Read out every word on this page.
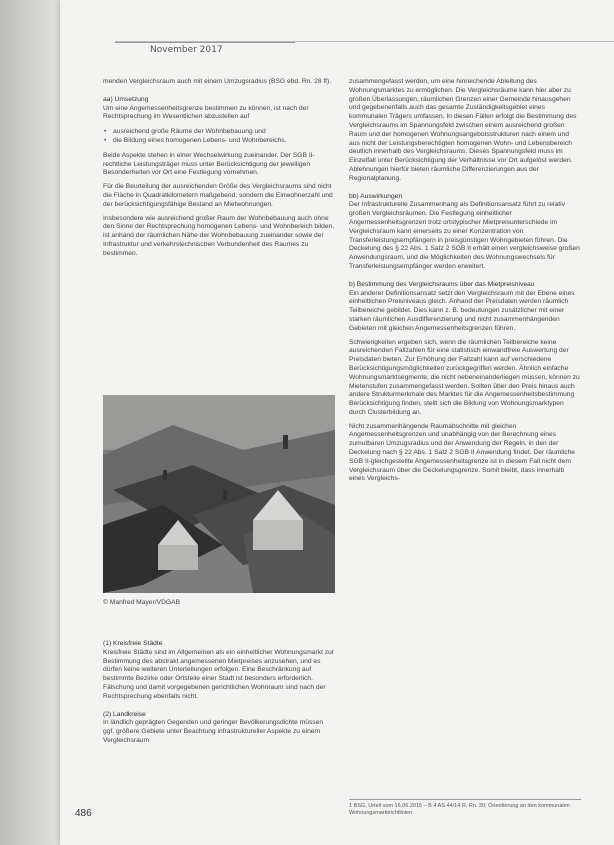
November 2017

menden Vergleichsraum auch mit einem Umzugsradius (BSG ebd. Rn. 28 ff).

aa) Umsetzung

Um eine Angemessenheitsgrenze bestimmen zu können, ist nach der Rechtsprechung im Wesentlichen abzustellen auf

• ausreichend große Räume der Wohnbebauung und
• die Bildung eines homogenen Lebens- und Wohnbereichs.

Beide Aspekte stehen in einer Wechselwirkung zueinander. Der SGB II-rechtliche Leistungsträger muss unter Berücksichtigung der jeweiligen Besonderheiten vor Ort eine Festlegung vornehmen.

Für die Beurteilung der ausreichenden Größe des Vergleichsraums sind nicht die Fläche in Quadratkilometern maßgebend, sondern die Einwohnerzahl und der berücksichtigungsfähige Bestand an Mietwohnungen.

Insbesondere wie ausreichend großer Raum der Wohnbebauung auch ohne den Sinne der Rechtsprechung homogenen Lebens- und Wohnbereich bilden, ist anhand der räumlichen Nähe der Wohnbebauung zueinander sowie der Infrastruktur und verkehrstechnischen Verbundenheit des Raumes zu bestimmen.

© Manfred Mayer/VDGAB

(1) Kreisfreie Städte

Kreisfreie Städte sind im Allgemeinen als ein einheitlicher Wohnungsmarkt zur Bestimmung des abstrakt angemessenen Mietpreises anzusehen, und es dürfen keine weiteren Unterteilungen erfolgen. Eine Beschränkung auf bestimmte Bezirke oder Ortsteile einer Stadt ist besonders erforderlich. Fälschung und damit vorgegebenen gerichtlichen Wohnraum sind nach der Rechtsprechung ebenfalls nicht.

(2) Landkreise

In ländlich geprägten Gegenden und geringer Bevölkerungsdichte müssen ggf. größere Gebiete unter Beachtung infrastruktureller Aspekte zu einem Vergleichsraum

zusammengefasst werden, um eine hinreichende Ableitung des Wohnungsmarktes zu ermöglichen. Die Vergleichsräume kann hier aber zu großen Überlassungen, räumlichen Grenzen einer Gemeinde hinausgehen und gegebenenfalls auch das gesamte Zuständigkeitsgebiet eines kommunalen Trägers umfassen. In diesen Fällen erfolgt die Bestimmung des Vergleichsraums im Spannungsfeld zwischen einem ausreichend großen Raum und der homogenen Wohnungsangebotsstrukturen nach einem und aus nicht der Leistungsberechtigten homogenen Wohn- und Lebensbereich deutlich innerhalb des Vergleichsraums. Dieses Spannungsfeld muss im Einzelfall unter Berücksichtigung der Verhältnisse vor Ort aufgelöst werden. Ablehnungen hierfür bieten räumliche Differenzierungen aus der Regionalplanung.

bb) Auswirkungen

Der Infrastrukturelle Zusammenhang als Definitionsansatz führt zu relativ großen Vergleichsräumen. Die Festlegung einheitlicher Angemessenheitsgrenzen trotz ortstypischer Mietpreisunterschiede im Vergleichsraum kann einerseits zu einer Konzentration von Transferleistungsempfängern in preisgünstigen Wohngebieten führen. Die Deckelung des § 22 Abs. 1 Satz 2 SGB II erhält einen vergleichsweise großen Anwendungsraum, und die Möglichkeiten des Wohnungswechsels für Transferleistungsempfänger werden erweitert.

b) Bestimmung des Vergleichsraums über das Mietpreisniveau

Ein anderer Definitionsansatz setzt den Vergleichsraum mit der Ebene eines einheitlichen Preisniveaus gleich. Anhand der Preisdaten werden räumlich Teilbereiche gebildet. Dies kann z. B. bedeutungen zusätzlicher mit einer starken räumlichen Ausdifferenzierung und nicht zusammenhängenden Gebieten mit gleichen Angemessenheitsgrenzen führen.

Schwierigkeiten ergeben sich, wenn die räumlichen Teilbereiche keine ausreichenden Fallzahlen für eine statistisch einwandfreie Auswertung der Preisdaten bieten. Zur Erhöhung der Fallzahl kann auf verschiedene Berücksichtigungsmöglichkeiten zurückgegriffen werden. Ähnlich einfache Wohnungsmarktsegmente, die nicht nebeneinanderliegen müssen, können zu Mietenstufen zusammengefasst werden. Sollten über den Preis hinaus auch andere Strukturmerkmale des Marktes für die Angemessenheitsbestimmung Berücksichtigung finden, stellt sich die Bildung von Wohnungsmarktypen durch Clusterbildung an.

Nicht zusammenhängende Raumabschnitte mit gleichen Angemessenheitsgrenzen und unabhängig von der Berechnung eines zumutbaren Umzugsradius und der Anwendung der Regeln, in den der Deckelung nach § 22 Abs. 1 Satz 2 SGB II Anwendung findet. Der räumliche SGB II-gleichgestellte Angemessenheitsgrenze ist in diesem Fall nicht dem Vergleichsraum über die Deckelungsgrenze. Somit bleibt, dass innerhalb eines Vergleichs-

1 BSG, Urteil vom 16.06.2015 – B 4 AS 44/14 R, Rn. 30; Orientierung an den kommunalen Wohnungsmarktrichtlinien.
486
